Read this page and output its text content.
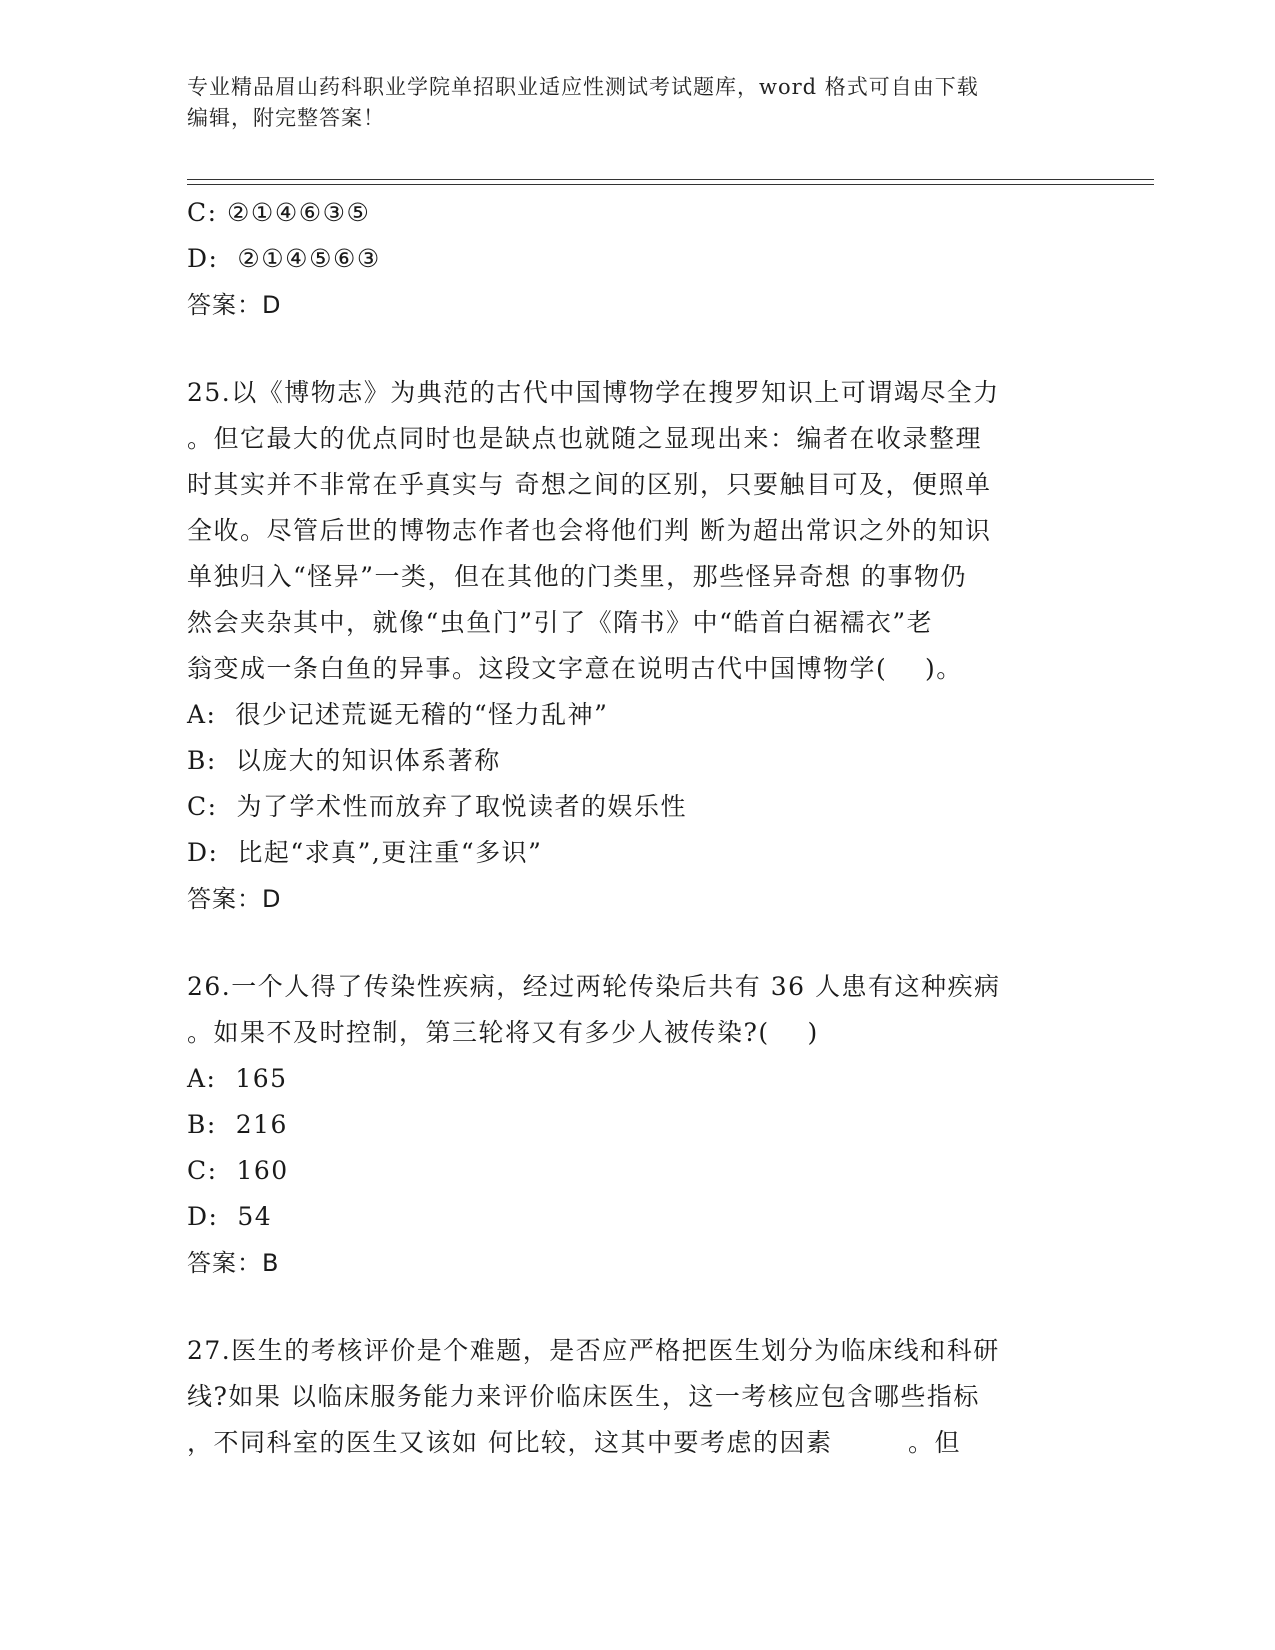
专业精品眉山药科职业学院单招职业适应性测试考试题库，word 格式可自由下载
编辑，附完整答案！
C: ②①④⑥③⑤
D:  ②①④⑤⑥③
答案：D
25.以《博物志》为典范的古代中国博物学在搜罗知识上可谓竭尽全力
。但它最大的优点同时也是缺点也就随之显现出来：编者在收录整理
时其实并不非常在乎真实与 奇想之间的区别，只要触目可及，便照单
全收。尽管后世的博物志作者也会将他们判 断为超出常识之外的知识
单独归入“怪异”一类，但在其他的门类里，那些怪异奇想 的事物仍
然会夹杂其中，就像“虫鱼门”引了《隋书》中“皓首白裾襦衣”老
翁变成一条白鱼的异事。这段文字意在说明古代中国博物学(    )。
A:  很少记述荒诞无稽的“怪力乱神”
B:  以庞大的知识体系著称
C:  为了学术性而放弃了取悦读者的娱乐性
D:  比起“求真”,更注重“多识”
答案：D
26.一个人得了传染性疾病，经过两轮传染后共有 36 人患有这种疾病
。如果不及时控制，第三轮将又有多少人被传染?(    )
A:  165
B:  216
C:  160
D:  54
答案：B
27.医生的考核评价是个难题，是否应严格把医生划分为临床线和科研
线?如果 以临床服务能力来评价临床医生，这一考核应包含哪些指标
，不同科室的医生又该如 何比较，这其中要考虑的因素        。但
